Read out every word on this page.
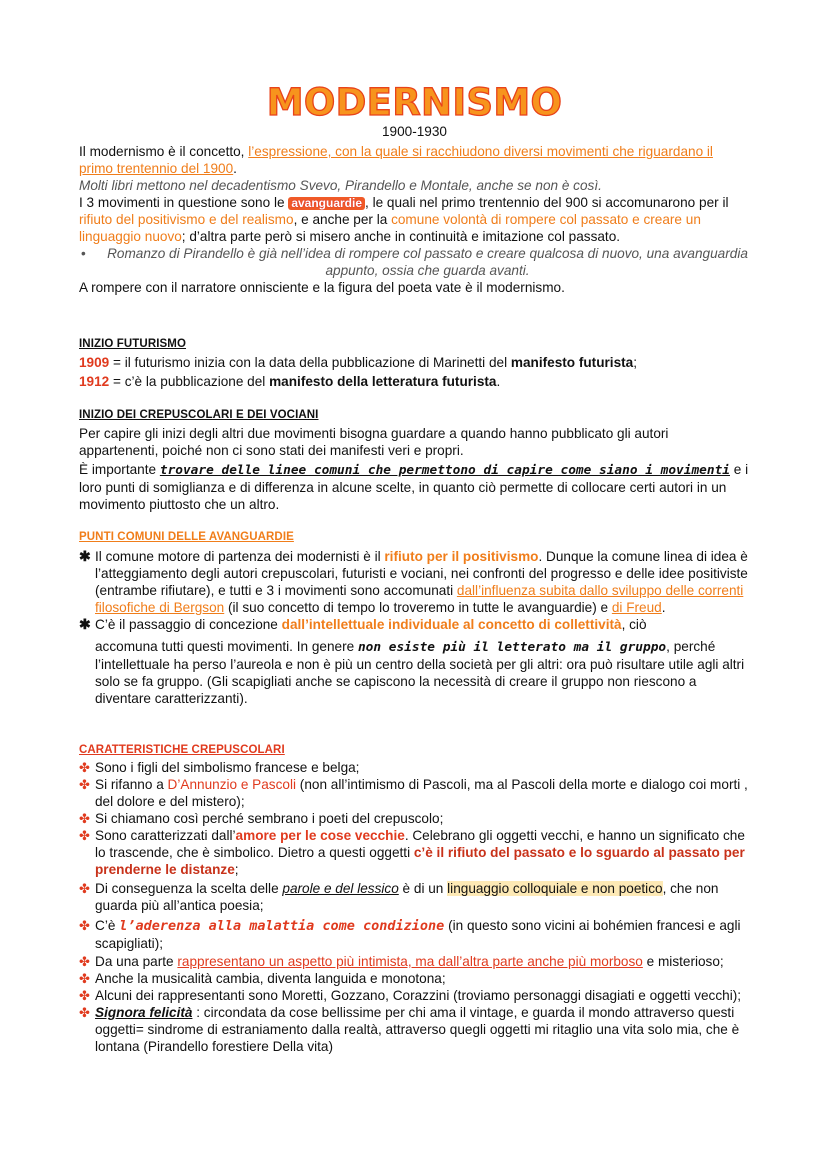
MODERNISMO
1900-1930

Il modernismo è il concetto, l’espressione, con la quale si racchiudono diversi movimenti che riguardano il primo trentennio del 1900.

Molti libri mettono nel decadentismo Svevo, Pirandello e Montale, anche se non è così.

I 3 movimenti in questione sono le avanguardie , le quali nel primo trentennio del 900 si accomunarono per il rifiuto del positivismo e del realismo, e anche per la comune volontà di rompere col passato e creare un linguaggio nuovo; d’altra parte però si misero anche in continuità e imitazione col passato.

• Romanzo di Pirandello è già nell’idea di rompere col passato e creare qualcosa di nuovo, una avanguardia appunto, ossia che guarda avanti.

A rompere con il narratore onnisciente e la figura del poeta vate è il modernismo.

INIZIO FUTURISMO

1909 = il futurismo inizia con la data della pubblicazione di Marinetti del manifesto futurista;

1912 = c’è la pubblicazione del manifesto della letteratura futurista.

INIZIO DEI CREPUSCOLARI E DEI VOCIANI

Per capire gli inizi degli altri due movimenti bisogna guardare a quando hanno pubblicato gli autori appartenenti, poiché non ci sono stati dei manifesti veri e propri.

È importante trovare delle linee comuni che permettono di capire come siano i movimenti e i loro punti di somiglianza e di differenza in alcune scelte, in quanto ciò permette di collocare certi autori in un movimento piuttosto che un altro.

PUNTI COMUNI DELLE AVANGUARDIE

✱ Il comune motore di partenza dei modernisti è il rifiuto per il positivismo. Dunque la comune linea di idea è l’atteggiamento degli autori crepuscolari, futuristi e vociani, nei confronti del progresso e delle idee positiviste (entrambe rifiutare), e tutti e 3 i movimenti sono accomunati dall’influenza subita dallo sviluppo delle correnti filosofiche di Bergson (il suo concetto di tempo lo troveremo in tutte le avanguardie) e di Freud.
✱ C’è il passaggio di concezione dall’intellettuale individuale al concetto di collettività, ciò
accomuna tutti questi movimenti. In genere non esiste più il letterato ma il gruppo, perché l’intellettuale ha perso l’aureola e non è più un centro della società per gli altri: ora può risultare utile agli altri solo se fa gruppo. (Gli scapigliati anche se capiscono la necessità di creare il gruppo non riescono a diventare caratterizzanti).

CARATTERISTICHE CREPUSCOLARI

✤ Sono i figli del simbolismo francese e belga;
✤ Si rifanno a D’Annunzio e Pascoli (non all’intimismo di Pascoli, ma al Pascoli della morte e dialogo coi morti , del dolore e del mistero);
✤ Si chiamano così perché sembrano i poeti del crepuscolo;
✤ Sono caratterizzati dall’amore per le cose vecchie. Celebrano gli oggetti vecchi, e hanno un significato che lo trascende, che è simbolico. Dietro a questi oggetti c’è il rifiuto del passato e lo sguardo al passato per prenderne le distanze;
✤ Di conseguenza la scelta delle parole e del lessico è di un linguaggio colloquiale e non poetico, che non guarda più all’antica poesia;
✤ C’è l’aderenza alla malattia come condizione (in questo sono vicini ai bohémien francesi e agli scapigliati);
✤ Da una parte rappresentano un aspetto più intimista, ma dall’altra parte anche più morboso e misterioso;
✤ Anche la musicalità cambia, diventa languida e monotona;
✤ Alcuni dei rappresentanti sono Moretti, Gozzano, Corazzini (troviamo personaggi disagiati e oggetti vecchi);
✤ Signora felicità : circondata da cose bellissime per chi ama il vintage, e guarda il mondo attraverso questi oggetti= sindrome di estraniamento dalla realtà, attraverso quegli oggetti mi ritaglio una vita solo mia, che è lontana (Pirandello forestiere Della vita)
